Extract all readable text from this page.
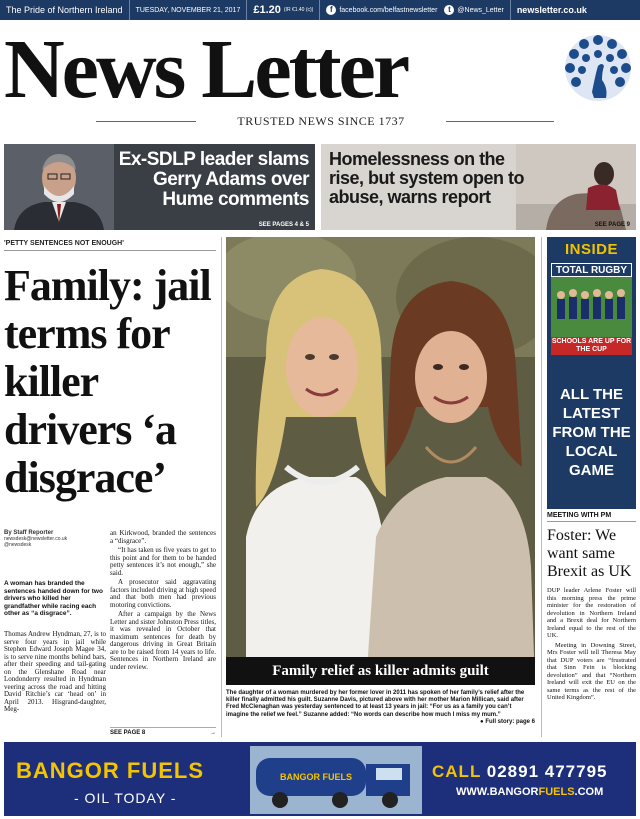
The Pride of Northern Ireland	TUESDAY, NOVEMBER 21, 2017	£1.20 (IR €1.40 (c))	f facebook.com/belfastnewsletter	t @News_Letter	newsletter.co.uk
News Letter
TRUSTED NEWS SINCE 1737
Ex-SDLP leader slams Gerry Adams over Hume comments
SEE PAGES 4 & 5
Homelessness on the rise, but system open to abuse, warns report
SEE PAGE 9
'PETTY SENTENCES NOT ENOUGH'
Family: jail terms for killer drivers ‘a disgrace’
By Staff Reporter
newsdesk@newsletter.co.uk
@newsdesk
A woman has branded the sentences handed down for two drivers who killed her grandfather while racing each other as “a disgrace”.

Thomas Andrew Hyndman, 27, is to serve four years in jail while Stephen Edward Joseph Magee 34, is to serve nine months behind bars, after their speeding and tail-gating on the Glenshane Road near Londonderry resulted in Hyndman veering across the road and hitting David Ritchie’s car ‘head on’ in April 2013. Hisgrand-daughter, Meg-

an Kirkwood, branded the sentences a “disgrace”.

“It has taken us five years to get to this point and for them to be handed petty sentences it’s not enough,” she said.

A prosecutor said aggravating factors included driving at high speed and that both men had previous motoring convictions.

After a campaign by the News Letter and sister Johnston Press titles, it was revealed in October that maximum sentences for death by dangerous driving in Great Britain are to be raised from 14 years to life. Sentences in Northern Ireland are under review.

SEE PAGE 8	→
Family relief as killer admits guilt
The daughter of a woman murdered by her former lover in 2011 has spoken of her family’s relief after the killer finally admitted his guilt. Suzanne Davis, pictured above with her mother Marion Millican, said after Fred McClenaghan was yesterday sentenced to at least 13 years in jail: “For us as a family you can’t imagine the relief we feel.” Suzanne added: “No words can describe how much I miss my mum.”
● Full story: page 6
INSIDE
TOTAL RUGBY
SCHOOLS ARE UP FOR THE CUP
ALL THE LATEST FROM THE LOCAL GAME
MEETING WITH PM
Foster: We want same Brexit as UK

DUP leader Arlene Foster will this morning press the prime minister for the restoration of devolution in Northern Ireland and a Brexit deal for Northern Ireland equal to the rest of the UK.

Meeting in Downing Street, Mrs Foster will tell Theresa May that DUP voters are “frustrated that Sinn Fein is blocking devolution” and that “Northern Ireland will exit the EU on the same terms as the rest of the United Kingdom”.

BANGOR FUELS
- OIL TODAY -
BANGOR FUELS	CALL 02891 477795
WWW.BANGORFUELS.COM
